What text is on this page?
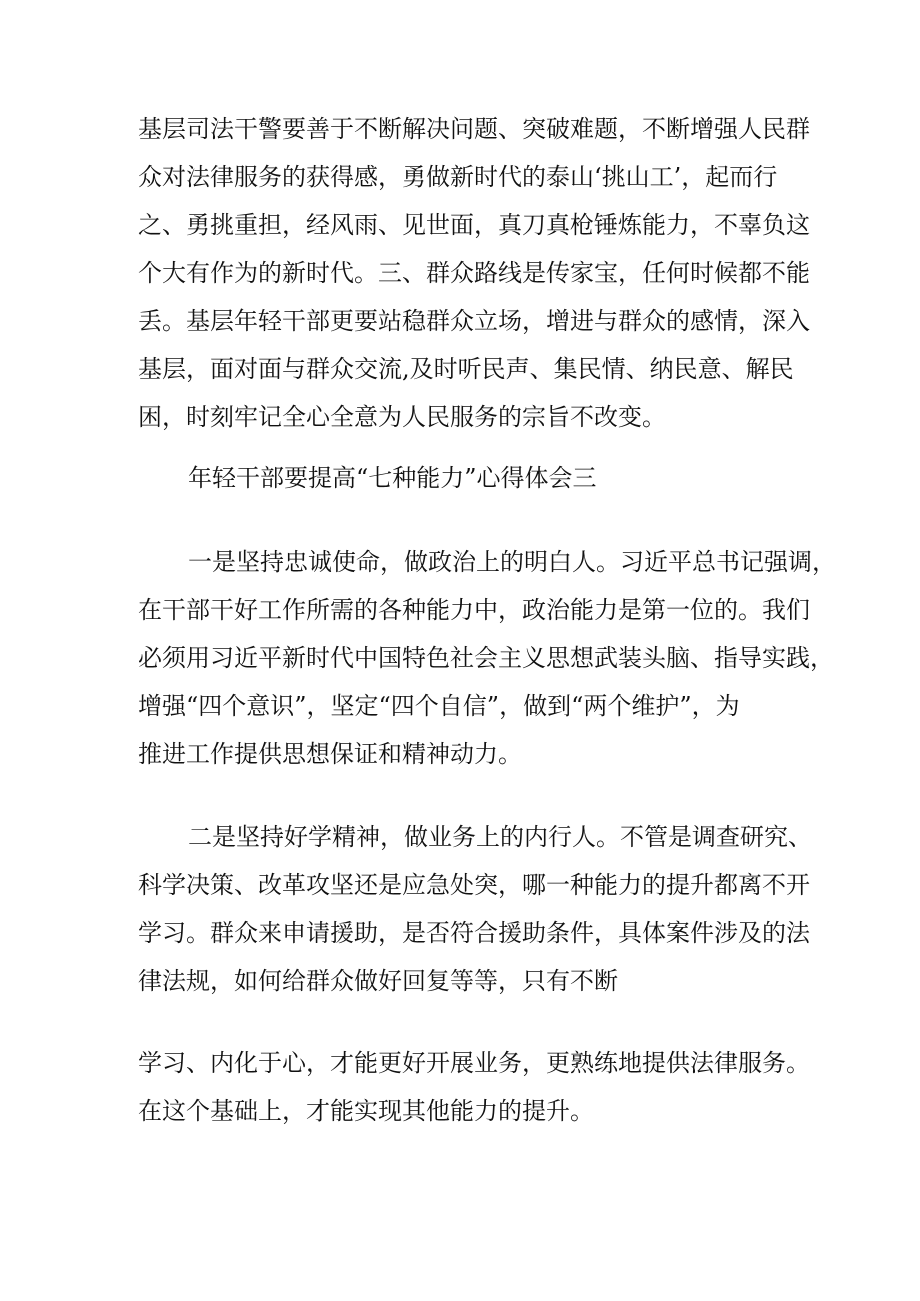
基层司法干警要善于不断解决问题、突破难题，不断增强人民群
众对法律服务的获得感，勇做新时代的泰山‘挑山工’，起而行
之、勇挑重担，经风雨、见世面，真刀真枪锤炼能力，不辜负这
个大有作为的新时代。三、群众路线是传家宝，任何时候都不能
丢。基层年轻干部更要站稳群众立场，增进与群众的感情，深入
基层，面对面与群众交流,及时听民声、集民情、纳民意、解民
困，时刻牢记全心全意为人民服务的宗旨不改变。
年轻干部要提高“七种能力”心得体会三
一是坚持忠诚使命，做政治上的明白人。习近平总书记强调，
在干部干好工作所需的各种能力中，政治能力是第一位的。我们
必须用习近平新时代中国特色社会主义思想武装头脑、指导实践，
增强“四个意识”，坚定“四个自信”，做到“两个维护”，为
推进工作提供思想保证和精神动力。
二是坚持好学精神，做业务上的内行人。不管是调查研究、
科学决策、改革攻坚还是应急处突，哪一种能力的提升都离不开
学习。群众来申请援助，是否符合援助条件，具体案件涉及的法
律法规，如何给群众做好回复等等，只有不断
学习、内化于心，才能更好开展业务，更熟练地提供法律服务。
在这个基础上，才能实现其他能力的提升。
